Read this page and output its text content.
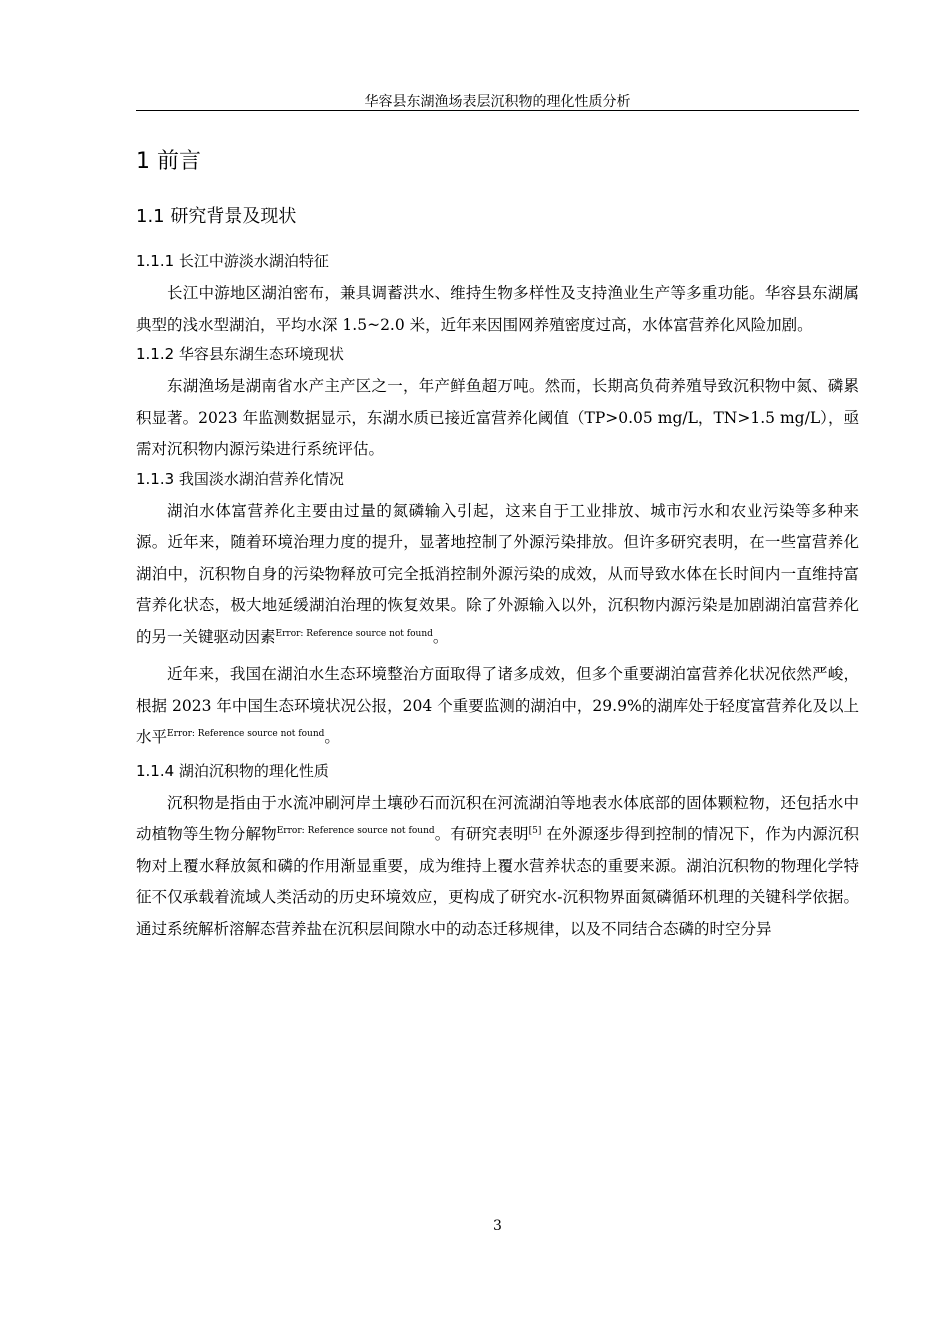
华容县东湖渔场表层沉积物的理化性质分析
1 前言
1.1 研究背景及现状
1.1.1 长江中游淡水湖泊特征

长江中游地区湖泊密布，兼具调蓄洪水、维持生物多样性及支持渔业生产等多重功能。华容县东湖属典型的浅水型湖泊，平均水深 1.5~2.0 米，近年来因围网养殖密度过高，水体富营养化风险加剧。

1.1.2 华容县东湖生态环境现状

东湖渔场是湖南省水产主产区之一，年产鲜鱼超万吨。然而，长期高负荷养殖导致沉积物中氮、磷累积显著。2023 年监测数据显示，东湖水质已接近富营养化阈值（TP>0.05 mg/L，TN>1.5 mg/L），亟需对沉积物内源污染进行系统评估。

1.1.3 我国淡水湖泊营养化情况

湖泊水体富营养化主要由过量的氮磷输入引起，这来自于工业排放、城市污水和农业污染等多种来源。近年来，随着环境治理力度的提升，显著地控制了外源污染排放。但许多研究表明，在一些富营养化湖泊中，沉积物自身的污染物释放可完全抵消控制外源污染的成效，从而导致水体在长时间内一直维持富营养化状态，极大地延缓湖泊治理的恢复效果。除了外源输入以外，沉积物内源污染是加剧湖泊富营养化的另一关键驱动因素$^{Error: Reference source not found}$。

近年来，我国在湖泊水生态环境整治方面取得了诸多成效，但多个重要湖泊富营养化状况依然严峻，根据 2023 年中国生态环境状况公报，204 个重要监测的湖泊中，29.9%的湖库处于轻度富营养化及以上水平$^{Error: Reference source not found}$。

1.1.4 湖泊沉积物的理化性质

沉积物是指由于水流冲刷河岸土壤砂石而沉积在河流湖泊等地表水体底部的固体颗粒物，还包括水中动植物等生物分解物$^{Error: Reference source not found}$。有研究表明[5] 在外源逐步得到控制的情况下，作为内源沉积物对上覆水释放氮和磷的作用渐显重要，成为维持上覆水营养状态的重要来源。湖泊沉积物的物理化学特征不仅承载着流域人类活动的历史环境效应，更构成了研究水-沉积物界面氮磷循环机理的关键科学依据。通过系统解析溶解态营养盐在沉积层间隙水中的动态迁移规律，以及不同结合态磷的时空分异

3
